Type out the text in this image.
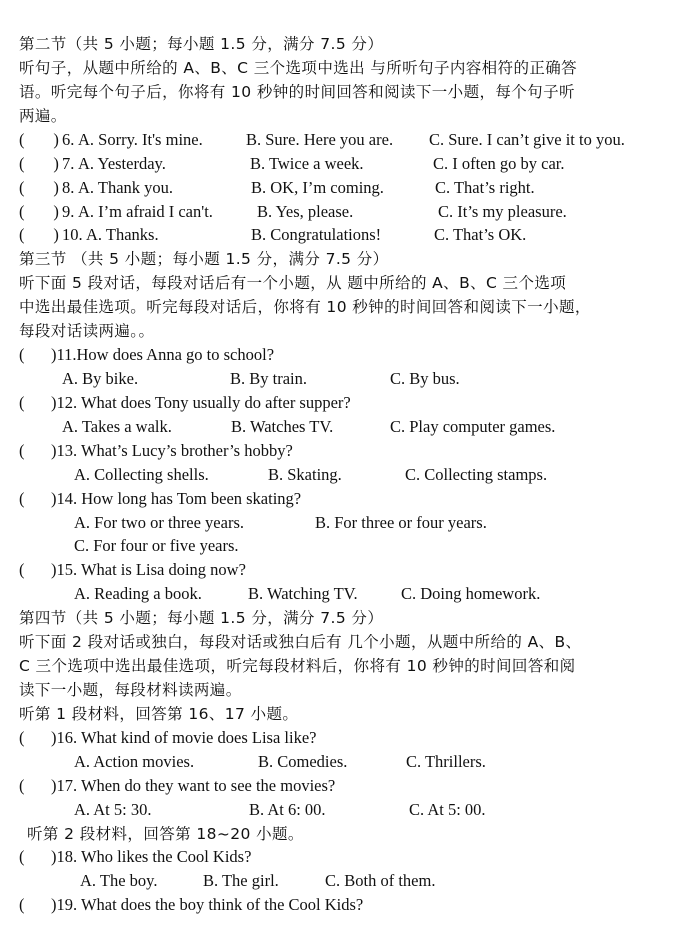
第二节（共 5 小题；每小题 1.5 分，满分 7.5 分）
听句子，从题中所给的 A、B、C 三个选项中选出 与所听句子内容相符的正确答
语。听完每个句子后，你将有 10 秒钟的时间回答和阅读下一小题，每个句子听
两遍。
(       ) 6. A. Sorry. It's mine.	B. Sure. Here you are. C. Sure. I can’t give it to you.
(       ) 7. A. Yesterday.	B. Twice a week.	C. I often go by car.
(       ) 8. A. Thank you.	B. OK, I’m coming.	C. That’s right.
(       ) 9. A. I’m afraid I can't.	B. Yes, please.	C. It’s my pleasure.
(       ) 10. A. Thanks.	B. Congratulations!	C. That’s OK.
第三节 （共 5 小题；每小题 1.5 分，满分 7.5 分）
听下面 5 段对话，每段对话后有一个小题，从 题中所给的 A、B、C 三个选项
中选出最佳选项。听完每段对话后，你将有 10 秒钟的时间回答和阅读下一小题，
每段对话读两遍。。
( )11.How does Anna go to school?
A. By bike.	B. By train.	C. By bus.
( )12. What does Tony usually do after supper?
A. Takes a walk.	B. Watches TV.	C. Play computer games.
( )13. What’s Lucy’s brother’s hobby?
A. Collecting shells.	B. Skating.	C. Collecting stamps.
( )14. How long has Tom been skating?
A. For two or three years.	B. For three or four years.
C. For four or five years.
( )15. What is Lisa doing now?
A. Reading a book.	B. Watching TV.	C. Doing homework.
第四节（共 5 小题；每小题 1.5 分，满分 7.5 分）
听下面 2 段对话或独白，每段对话或独白后有 几个小题，从题中所给的 A、B、
C 三个选项中选出最佳选项，听完每段材料后，你将有 10 秒钟的时间回答和阅
读下一小题，每段材料读两遍。
听第 1 段材料，回答第 16、17 小题。
( )16. What kind of movie does Lisa like?
A. Action movies.	B. Comedies.	C. Thrillers.
( )17. When do they want to see the movies?
A. At 5: 30.	B. At 6: 00.	C. At 5: 00.
听第 2 段材料，回答第 18~20 小题。
( )18. Who likes the Cool Kids?
A. The boy.	B. The girl.	C. Both of them.
( )19. What does the boy think of the Cool Kids?
